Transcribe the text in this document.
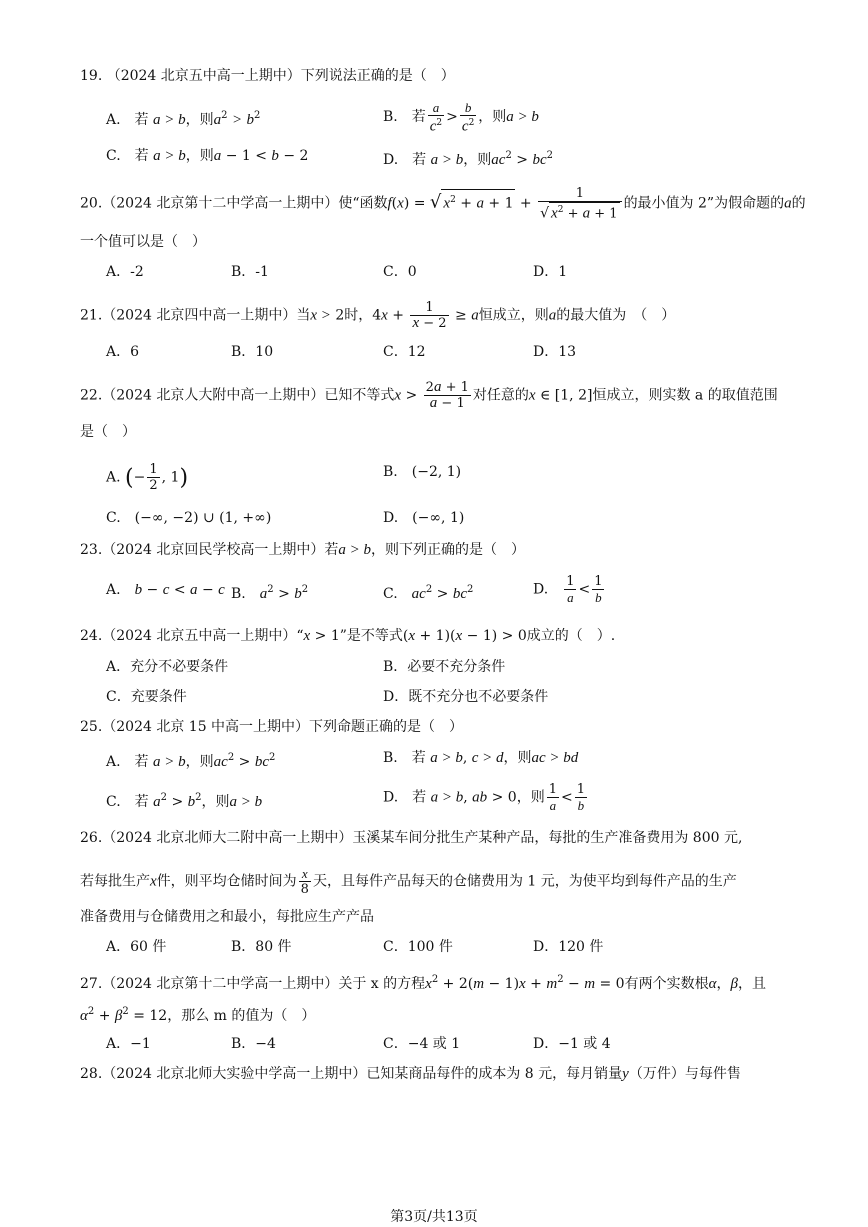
19. （2024 北京五中高一上期中）下列说法正确的是（　）
A.　若 a > b，则$a^2 > b^2$	B.　若 $\frac{a}{c^2} > \frac{b}{c^2}$ ，则a > b
C.　若 a > b，则a − 1 < b − 2	D.　若 a > b，则$ac^2 > bc^2$
20.（2024 北京第十二中学高一上期中）使“函数f(x) = √ $x^2 + a + 1 + \frac{1}{√ x^2 + a + 1}$ 的最小值为 2”为假命题的a的
一个值可以是（　）
A．-2	B．-1	C．0	D．1
21.（2024 北京四中高一上期中）当x > 2时，$4x + \frac{1}{x - 2} \ge a$恒成立，则a的最大值为　（　）
A．6	B．10	C．12	D．13
22.（2024 北京人大附中高一上期中）已知不等式$x > \frac{2a + 1}{a - 1}$ 对任意的x ∈ [1, 2]恒成立，则实数 a 的取值范围
是（　）
A. (− $\frac{1}{2}$ , 1)	B.　(−2, 1)
C.　(−∞, −2) ∪ (1, +∞)	D.　(−∞, 1)
23.（2024 北京回民学校高一上期中）若a > b，则下列正确的是（　）
A.　 b − c < a − c B.　 $a^2 > b^2$	C.　 $ac^2 > bc^2$	D.　 $\frac{1}{a} < \frac{1}{b}$
24.（2024 北京五中高一上期中）“x > 1”是不等式(x + 1)(x − 1) > 0成立的（　）.
A．充分不必要条件	B．必要不充分条件
C．充要条件	D．既不充分也不必要条件
25.（2024 北京 15 中高一上期中）下列命题正确的是（　）
A.　若 a > b，则$ac^2 > bc^2$	B.　若 a > b, c > d，则ac > bd
C.　若 $a^2 > b^2$，则a > b	D.　若 a > b, ab > 0，则 $\frac{1}{a} < \frac{1}{b}$
26.（2024 北京北师大二附中高一上期中）玉溪某车间分批生产某种产品，每批的生产准备费用为 800 元,
若每批生产x件，则平均仓储时间为 $\frac{x}{8}$ 天，且每件产品每天的仓储费用为 1 元，为使平均到每件产品的生产
准备费用与仓储费用之和最小，每批应生产产品
A．60 件	B．80 件	C．100 件	D．120 件
27.（2024 北京第十二中学高一上期中）关于 x 的方程$x^2 + 2(m - 1)x + m^2 - m = 0$有两个实数根α，β，且
$\alpha^2 + \beta^2 = 12$，那么 m 的值为（　）
A．−1	B．−4	C．−4 或 1	D．−1 或 4
28.（2024 北京北师大实验中学高一上期中）已知某商品每件的成本为 8 元，每月销量y（万件）与每件售
第3页/共13页
